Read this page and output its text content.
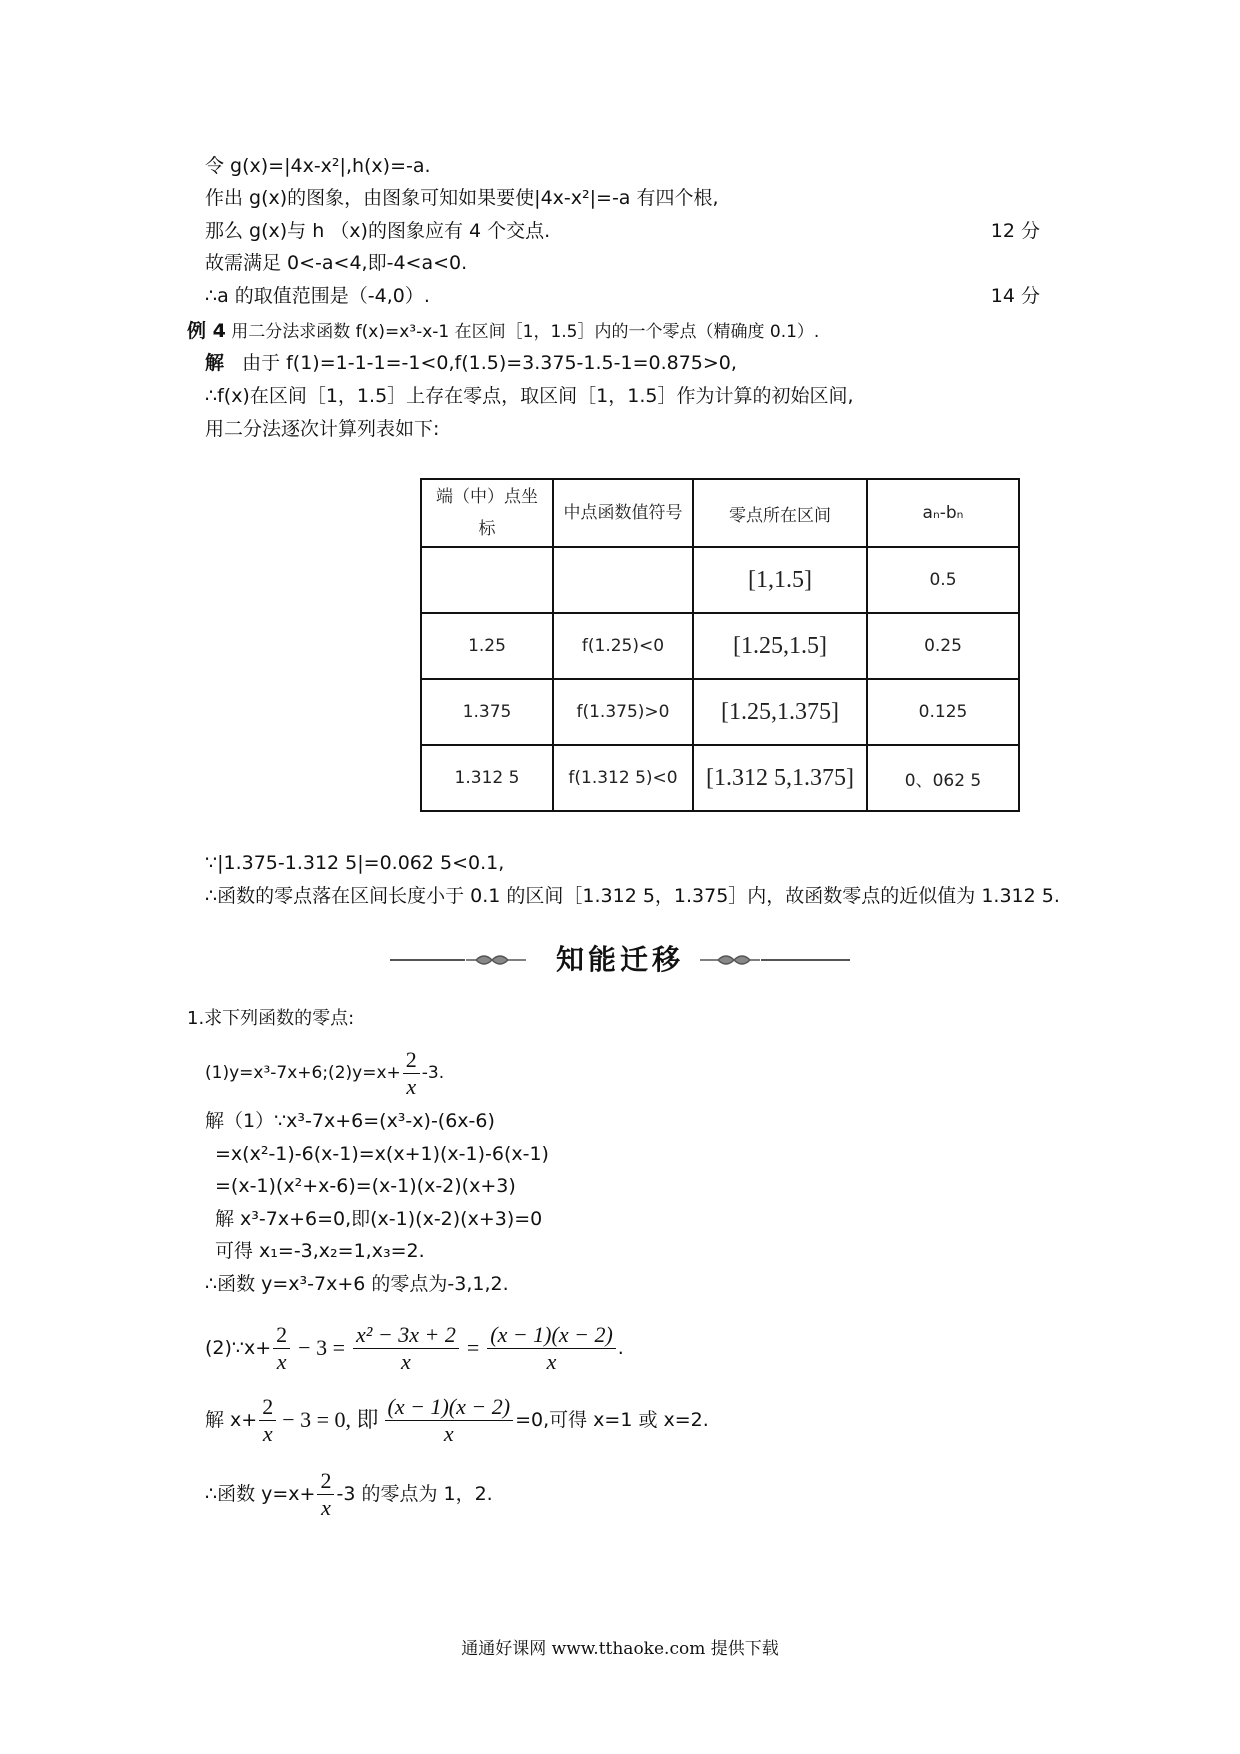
令 g(x)=|4x-x²|,h(x)=-a.
作出 g(x)的图象，由图象可知如果要使|4x-x²|=-a 有四个根,
那么 g(x)与 h （x)的图象应有 4 个交点.	12 分
故需满足 0<-a<4,即-4<a<0.
∴a 的取值范围是（-4,0）.	14 分
例 4 用二分法求函数 f(x)=x³-x-1 在区间［1，1.5］内的一个零点（精确度 0.1）.
解 由于 f(1)=1-1-1=-1<0,f(1.5)=3.375-1.5-1=0.875>0,
∴f(x)在区间［1，1.5］上存在零点，取区间［1，1.5］作为计算的初始区间,
用二分法逐次计算列表如下:
端（中）点坐标	中点函数值符号	零点所在区间	aₙ-bₙ
		[1,1.5]	0.5
1.25	f(1.25)<0	[1.25,1.5]	0.25
1.375	f(1.375)>0	[1.25,1.375]	0.125
1.312 5	f(1.312 5)<0	[1.312 5,1.375]	0、062 5
∵|1.375-1.312 5|=0.062 5<0.1,
∴函数的零点落在区间长度小于 0.1 的区间［1.312 5，1.375］内，故函数零点的近似值为 1.312 5.
知能迁移
1.求下列函数的零点:
(1)y=x³-7x+6;(2)y=x+ $\frac{2}{x} -3$.
解（1）∵x³-7x+6=(x³-x)-(6x-6)
=x(x²-1)-6(x-1)=x(x+1)(x-1)-6(x-1)
=(x-1)(x²+x-6)=(x-1)(x-2)(x+3)
解 x³-7x+6=0,即(x-1)(x-2)(x+3)=0
可得 x₁=-3,x₂=1,x₃=2.
∴函数 y=x³-7x+6 的零点为-3,1,2.
(2)∵x+ $\frac{2}{x} - 3 = \frac{\text{x² − 3x + 2}}{x} = \frac{(x - 1)(x - 2)}{x}$ .
解 $x+ \frac{2}{x} - 3 = 0$, 即 $\frac{(x - 1)(x - 2)}{x} =0$,可得 x=1 或 x=2.
∴函数 $y=x+ \frac{2}{x} -3$ 的零点为 1，2.
通通好课网 www.tthaoke.com 提供下载
